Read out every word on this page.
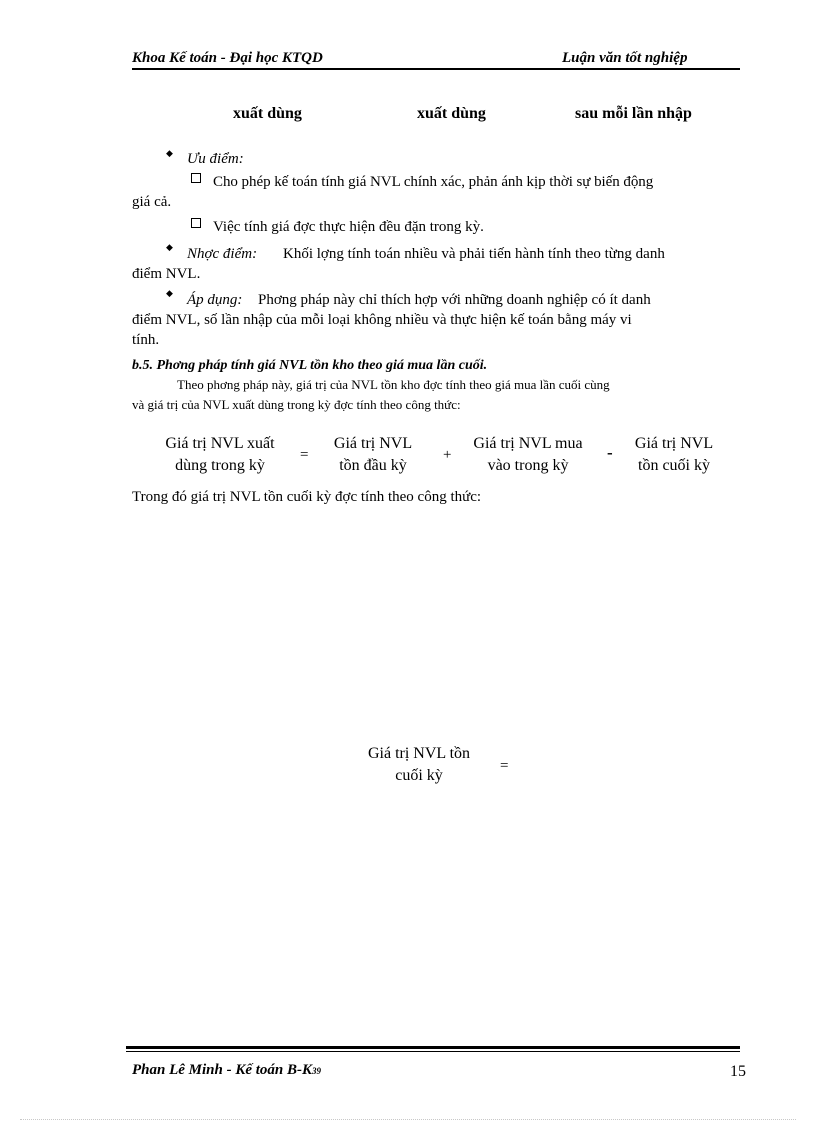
Khoa Kế toán - Đại học KTQD	Luận văn tốt nghiệp
xuất dùng	xuất dùng	sau mỗi lần nhập
◆ Ưu điểm:
Cho phép kế toán tính giá NVL chính xác, phản ánh kịp thời sự biến động
giá cả.
Việc tính giá đợc thực hiện đều đặn trong kỳ.
◆ Nhợc điểm: Khối lợng tính toán nhiều và phải tiến hành tính theo từng danh
điểm NVL.
◆ Áp dụng: Phơng pháp này chỉ thích hợp với những doanh nghiệp có ít danh
điểm NVL, số lần nhập của mỗi loại không nhiều và thực hiện kế toán bằng máy vi
tính.
b.5. Phơng pháp tính giá NVL tồn kho theo giá mua lần cuối.
Theo phơng pháp này, giá trị của NVL tồn kho đợc tính theo giá mua lần cuối cùng
và giá trị của NVL xuất dùng trong kỳ đợc tính theo công thức:
Giá trị NVL xuất
dùng trong kỳ
=
Giá trị NVL
tồn đầu kỳ
+
Giá trị NVL mua
vào trong kỳ
-	Giá trị NVL
tồn cuối kỳ
Trong đó giá trị NVL tồn cuối kỳ đợc tính theo công thức:
Giá trị NVL tồn
cuối kỳ
=
Phan Lê Minh - Kế toán B-K39	15
